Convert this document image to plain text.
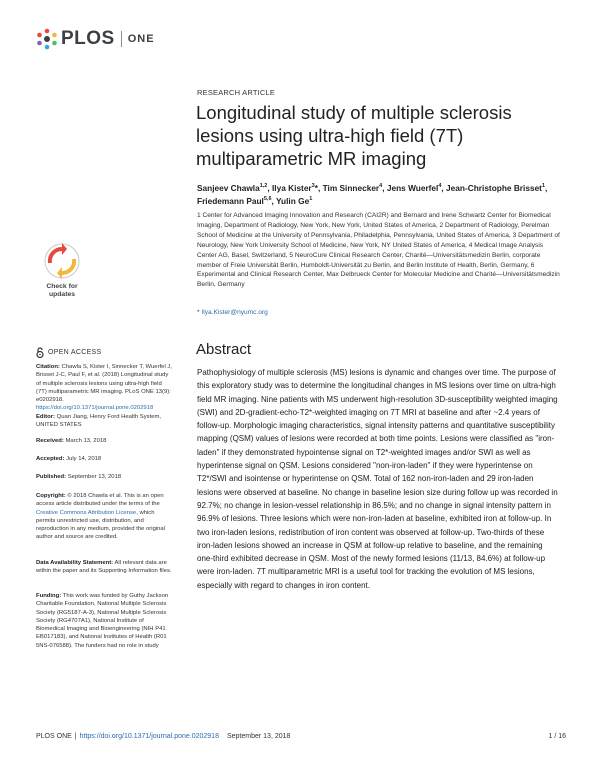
PLOS ONE
RESEARCH ARTICLE
Longitudinal study of multiple sclerosis lesions using ultra-high field (7T) multiparametric MR imaging
Sanjeev Chawla$^{1,2}$, Ilya Kister$^3$*, Tim Sinnecker$^4$, Jens Wuerfel$^4$, Jean-Christophe Brisset$^1$, Friedemann Paul$^{5,6}$, Yulin Ge$^1$
1 Center for Advanced Imaging Innovation and Research (CAI2R) and Bernard and Irene Schwartz Center for Biomedical Imaging, Department of Radiology, New York, New York, United States of America, 2 Department of Radiology, Perelman School of Medicine at the University of Pennsylvania, Philadelphia, Pennsylvania, United States of America, 3 Department of Neurology, New York University School of Medicine, New York, NY United States of America, 4 Medical Image Analysis Center AG, Basel, Switzerland, 5 NeuroCure Clinical Research Center, Charité—Universitätsmedizin Berlin, corporate member of Freie Universität Berlin, Humboldt-Universität zu Berlin, and Berlin Institute of Health, Berlin, Germany, 6 Experimental and Clinical Research Center, Max Delbrueck Center for Molecular Medicine and Charité—Universitätsmedizin Berlin, Germany
* Ilya.Kister@nyumc.org
Abstract
Pathophysiology of multiple sclerosis (MS) lesions is dynamic and changes over time. The purpose of this exploratory study was to determine the longitudinal changes in MS lesions over time on ultra-high field MR imaging. Nine patients with MS underwent high-resolution 3D-susceptibility weighted imaging (SWI) and 2D-gradient-echo-T2*-weighted imaging on 7T MRI at baseline and after ~2.4 years of follow-up. Morphologic imaging characteristics, signal intensity patterns and quantitative susceptibility mapping (QSM) values of lesions were recorded at both time points. Lesions were classified as "iron-laden" if they demonstrated hypointense signal on T2*-weighted images and/or SWI as well as hyperintense signal on QSM. Lesions considered "non-iron-laden" if they were hyperintense on T2*/SWI and isointense or hyperintense on QSM. Total of 162 non-iron-laden and 29 iron-laden lesions were observed at baseline. No change in baseline lesion size during follow up was recorded in 92.7%; no change in lesion-vessel relationship in 86.5%; and no change in signal intensity pattern in 96.9% of lesions. Three lesions which were non-iron-laden at baseline, exhibited iron at follow-up. In two iron-laden lesions, redistribution of iron content was observed at follow-up. Two-thirds of these iron-laden lesions showed an increase in QSM at follow-up relative to baseline, and the remaining one-third exhibited decrease in QSM. Most of the newly formed lesions (11/13, 84.6%) at follow-up were iron-laden. 7T multiparametric MRI is a useful tool for tracking the evolution of MS lesions, especially with regard to changes in iron content.
Check for
updates
OPEN ACCESS
Citation: Chawla S, Kister I, Sinnecker T, Wuerfel J, Brisset J-C, Paul F, et al. (2018) Longitudinal study of multiple sclerosis lesions using ultra-high field (7T) multiparametric MR imaging. PLoS ONE 13(9): e0202918. https://doi.org/10.1371/journal.pone.0202918
Editor: Quan Jiang, Henry Ford Health System, UNITED STATES
Received: March 13, 2018
Accepted: July 14, 2018
Published: September 13, 2018
Copyright: © 2018 Chawla et al. This is an open access article distributed under the terms of the Creative Commons Attribution License, which permits unrestricted use, distribution, and reproduction in any medium, provided the original author and source are credited.
Data Availability Statement: All relevant data are within the paper and its Supporting Information files.
Funding: This work was funded by Guthy Jackson Charitable Foundation, National Multiple Sclerosis Society (RG5187-A-3), National Multiple Sclerosis Society (RG4707A1), National Institute of Biomedical Imaging and Bioengineering (NIH P41 EB017183), and National Institutes of Health (R01 5NS-076588). The funders had no role in study
PLOS ONE | https://doi.org/10.1371/journal.pone.0202918 September 13, 2018	1 / 16
